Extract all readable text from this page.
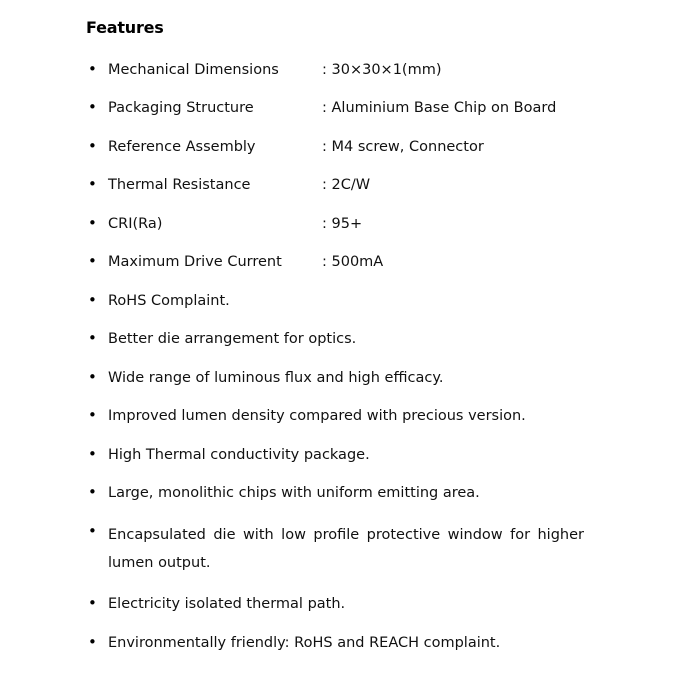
Features
• Mechanical Dimensions	: 30×30×1(mm)
• Packaging Structure	: Aluminium Base Chip on Board
• Reference Assembly	: M4 screw, Connector
• Thermal Resistance	: 2C/W
• CRI(Ra)	: 95+
• Maximum Drive Current	: 500mA
• RoHS Complaint.
• Better die arrangement for optics.
• Wide range of luminous flux and high efficacy.
• Improved lumen density compared with precious version.
• High Thermal conductivity package.
• Large, monolithic chips with uniform emitting area.
• Encapsulated die with low profile protective window for higher lumen output.
• Electricity isolated thermal path.
• Environmentally friendly: RoHS and REACH complaint.
